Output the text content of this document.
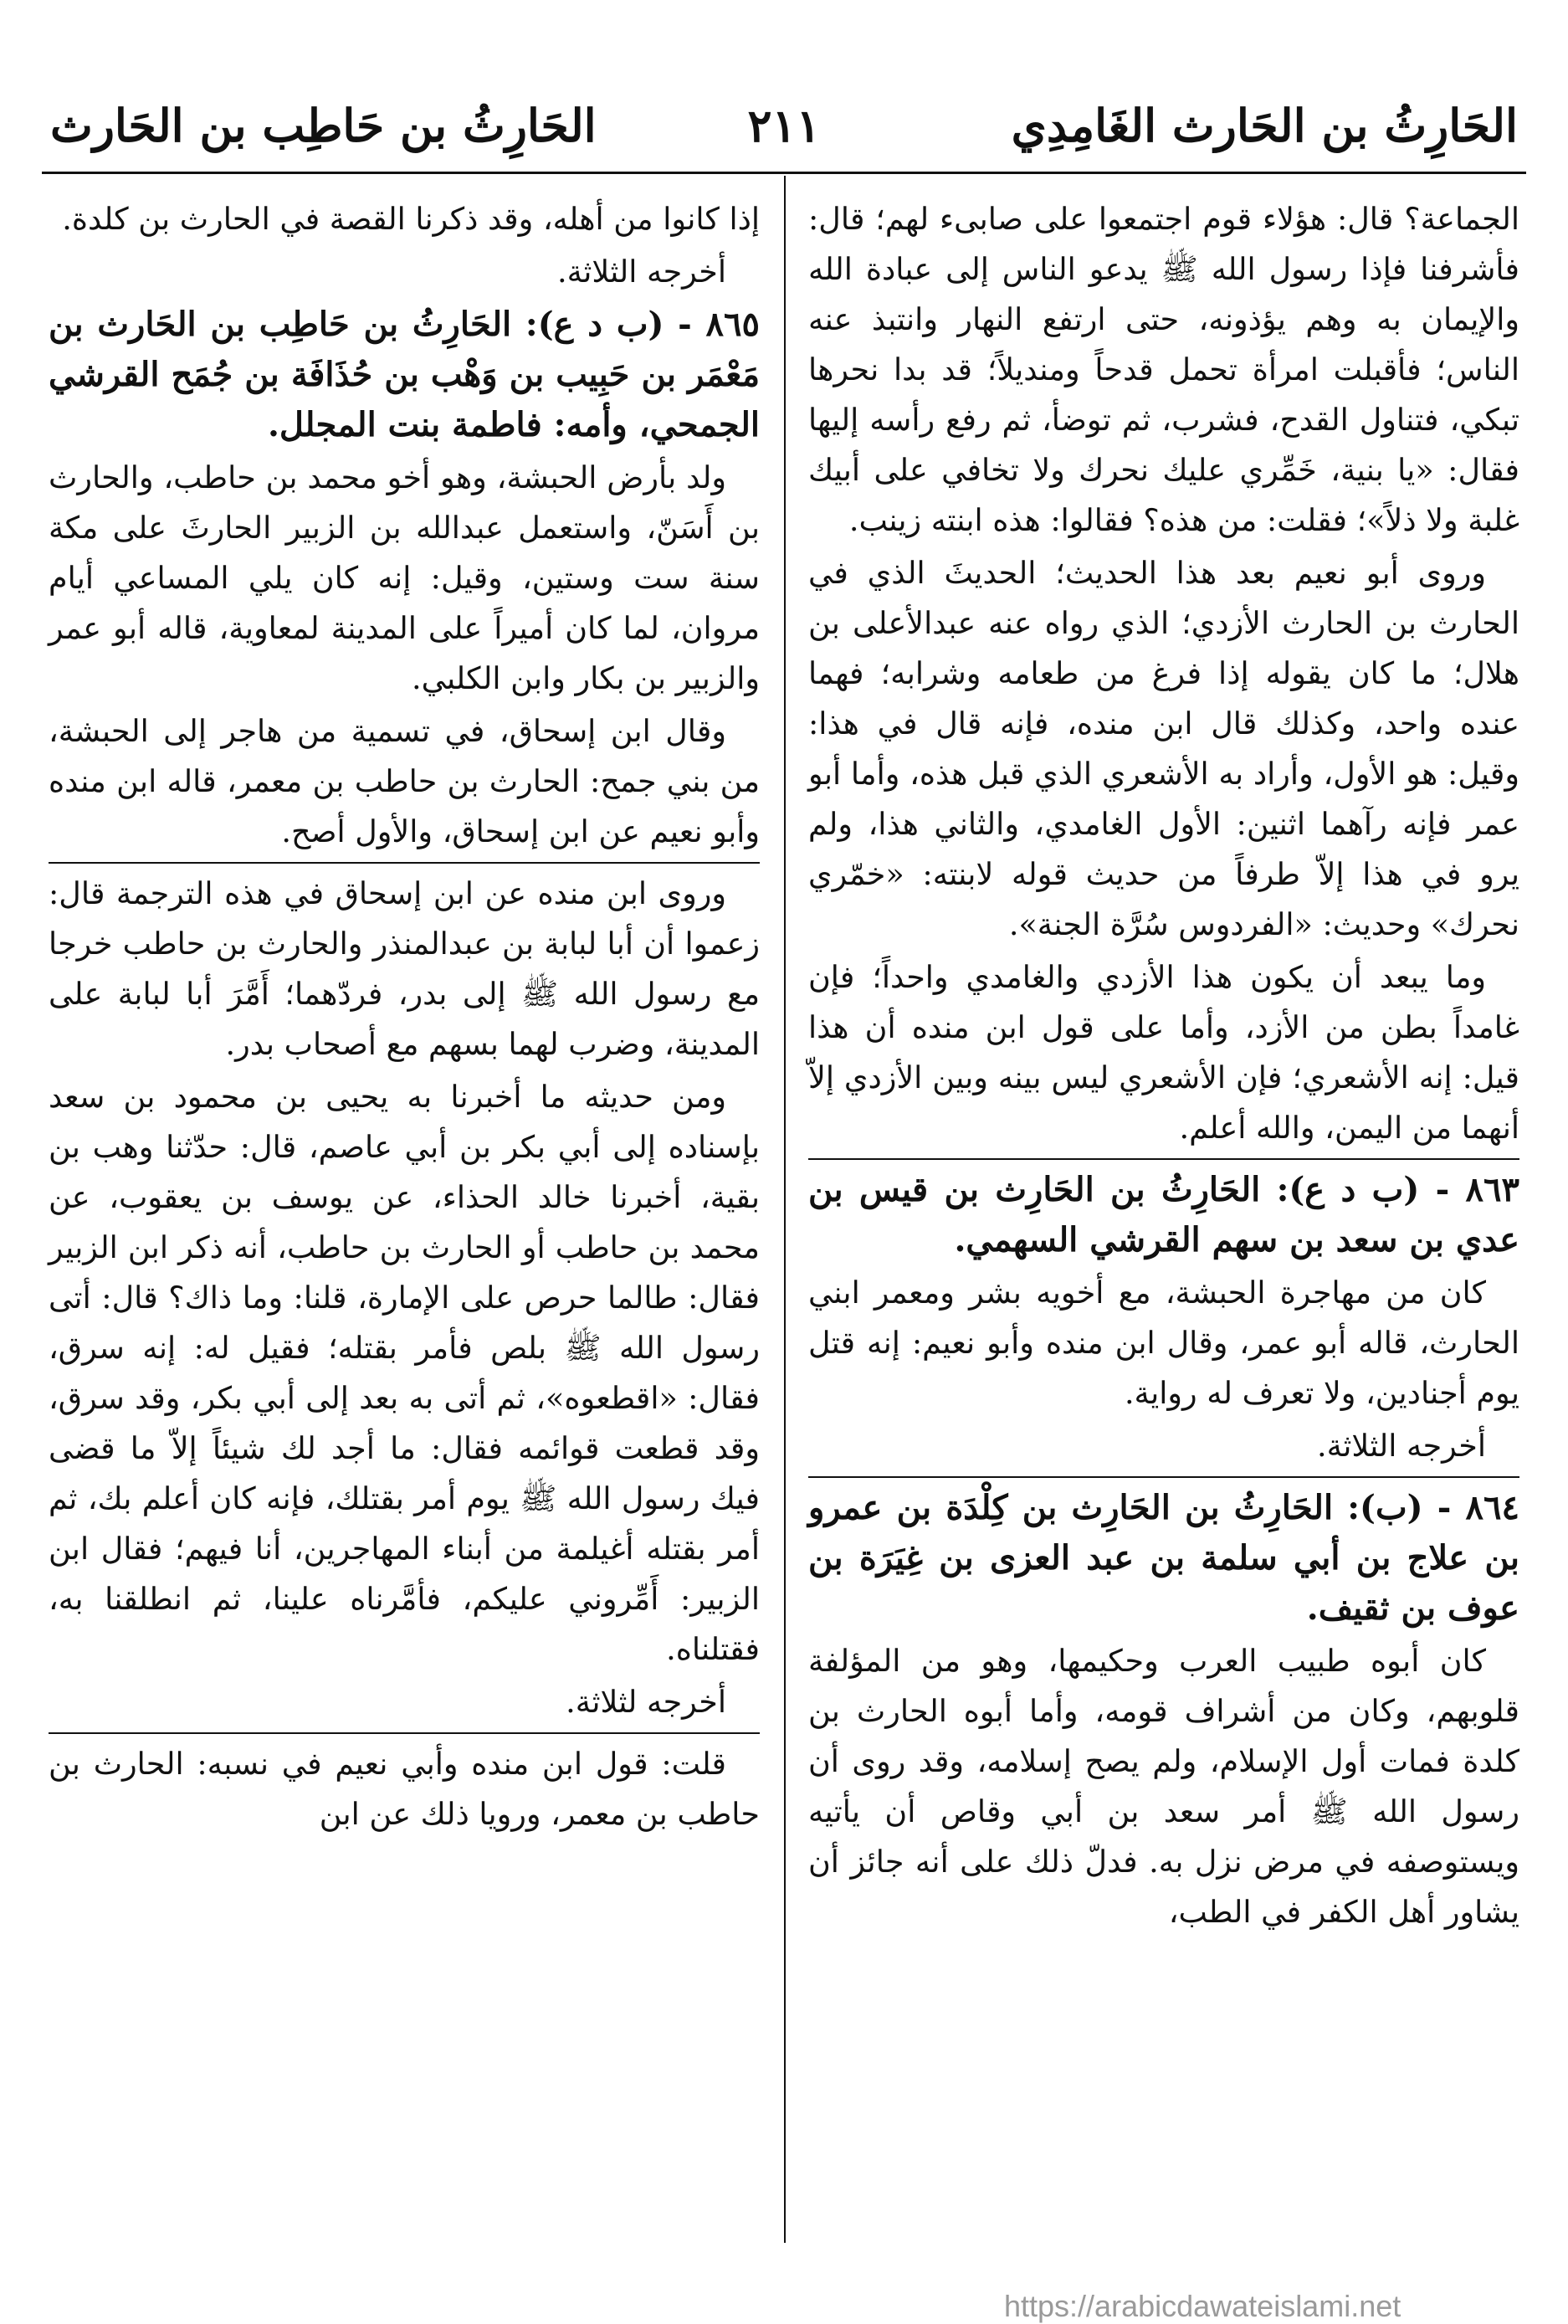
الحَارِثُ بن الحَارث الغَامِدِي
٢١١
الحَارِثُ بن حَاطِب بن الحَارث

الجماعة؟ قال: هؤلاء قوم اجتمعوا على صابىء لهم؛ قال: فأشرفنا فإذا رسول الله ﷺ يدعو الناس إلى عبادة الله والإيمان به وهم يؤذونه، حتى ارتفع النهار وانتبذ عنه الناس؛ فأقبلت امرأة تحمل قدحاً ومنديلاً؛ قد بدا نحرها تبكي، فتناول القدح، فشرب، ثم توضأ، ثم رفع رأسه إليها فقال: «يا بنية، خَمِّري عليك نحرك ولا تخافي على أبيك غلبة ولا ذلاً»؛ فقلت: من هذه؟ فقالوا: هذه ابنته زينب.

وروى أبو نعيم بعد هذا الحديث؛ الحديثَ الذي في الحارث بن الحارث الأزدي؛ الذي رواه عنه عبدالأعلى بن هلال؛ ما كان يقوله إذا فرغ من طعامه وشرابه؛ فهما عنده واحد، وكذلك قال ابن منده، فإنه قال في هذا: وقيل: هو الأول، وأراد به الأشعري الذي قبل هذه، وأما أبو عمر فإنه رآهما اثنين: الأول الغامدي، والثاني هذا، ولم يرو في هذا إلاّ طرفاً من حديث قوله لابنته: «خمّري نحرك» وحديث: «الفردوس سُرَّة الجنة».

وما يبعد أن يكون هذا الأزدي والغامدي واحداً؛ فإن غامداً بطن من الأزد، وأما على قول ابن منده أن هذا قيل: إنه الأشعري؛ فإن الأشعري ليس بينه وبين الأزدي إلاّ أنهما من اليمن، والله أعلم.

٨٦٣ - (ب د ع): الحَارِثُ بن الحَارِث بن قيس بن عدي بن سعد بن سهم القرشي السهمي.

كان من مهاجرة الحبشة، مع أخويه بشر ومعمر ابني الحارث، قاله أبو عمر، وقال ابن منده وأبو نعيم: إنه قتل يوم أجنادين، ولا تعرف له رواية.

أخرجه الثلاثة.

٨٦٤ - (ب): الحَارِثُ بن الحَارِث بن كِلْدَة بن عمرو بن علاج بن أبي سلمة بن عبد العزى بن غِيَرَة بن عوف بن ثقيف.

كان أبوه طبيب العرب وحكيمها، وهو من المؤلفة قلوبهم، وكان من أشراف قومه، وأما أبوه الحارث بن كلدة فمات أول الإسلام، ولم يصح إسلامه، وقد روى أن رسول الله ﷺ أمر سعد بن أبي وقاص أن يأتيه ويستوصفه في مرض نزل به. فدلّ ذلك على أنه جائز أن يشاور أهل الكفر في الطب،

إذا كانوا من أهله، وقد ذكرنا القصة في الحارث بن كلدة.

أخرجه الثلاثة.

٨٦٥ - (ب د ع): الحَارِثُ بن حَاطِب بن الحَارث بن مَعْمَر بن حَبِيب بن وَهْب بن حُذَافَة بن جُمَح القرشي الجمحي، وأمه: فاطمة بنت المجلل.

ولد بأرض الحبشة، وهو أخو محمد بن حاطب، والحارث بن أَسَنّ، واستعمل عبدالله بن الزبير الحارثَ على مكة سنة ست وستين، وقيل: إنه كان يلي المساعي أيام مروان، لما كان أميراً على المدينة لمعاوية، قاله أبو عمر والزبير بن بكار وابن الكلبي.

وقال ابن إسحاق، في تسمية من هاجر إلى الحبشة، من بني جمح: الحارث بن حاطب بن معمر، قاله ابن منده وأبو نعيم عن ابن إسحاق، والأول أصح.

وروى ابن منده عن ابن إسحاق في هذه الترجمة قال: زعموا أن أبا لبابة بن عبدالمنذر والحارث بن حاطب خرجا مع رسول الله ﷺ إلى بدر، فردّهما؛ أَمَّرَ أبا لبابة على المدينة، وضرب لهما بسهم مع أصحاب بدر.

ومن حديثه ما أخبرنا به يحيى بن محمود بن سعد بإسناده إلى أبي بكر بن أبي عاصم، قال: حدّثنا وهب بن بقية، أخبرنا خالد الحذاء، عن يوسف بن يعقوب، عن محمد بن حاطب أو الحارث بن حاطب، أنه ذكر ابن الزبير فقال: طالما حرص على الإمارة، قلنا: وما ذاك؟ قال: أتى رسول الله ﷺ بلص فأمر بقتله؛ فقيل له: إنه سرق، فقال: «اقطعوه»، ثم أتى به بعد إلى أبي بكر، وقد سرق، وقد قطعت قوائمه فقال: ما أجد لك شيئاً إلاّ ما قضى فيك رسول الله ﷺ يوم أمر بقتلك، فإنه كان أعلم بك، ثم أمر بقتله أغيلمة من أبناء المهاجرين، أنا فيهم؛ فقال ابن الزبير: أَمِّروني عليكم، فأمَّرناه علينا، ثم انطلقنا به، فقتلناه.

أخرجه لثلاثة.

قلت: قول ابن منده وأبي نعيم في نسبه: الحارث بن حاطب بن معمر، ورويا ذلك عن ابن

https://arabicdawateislami.net
